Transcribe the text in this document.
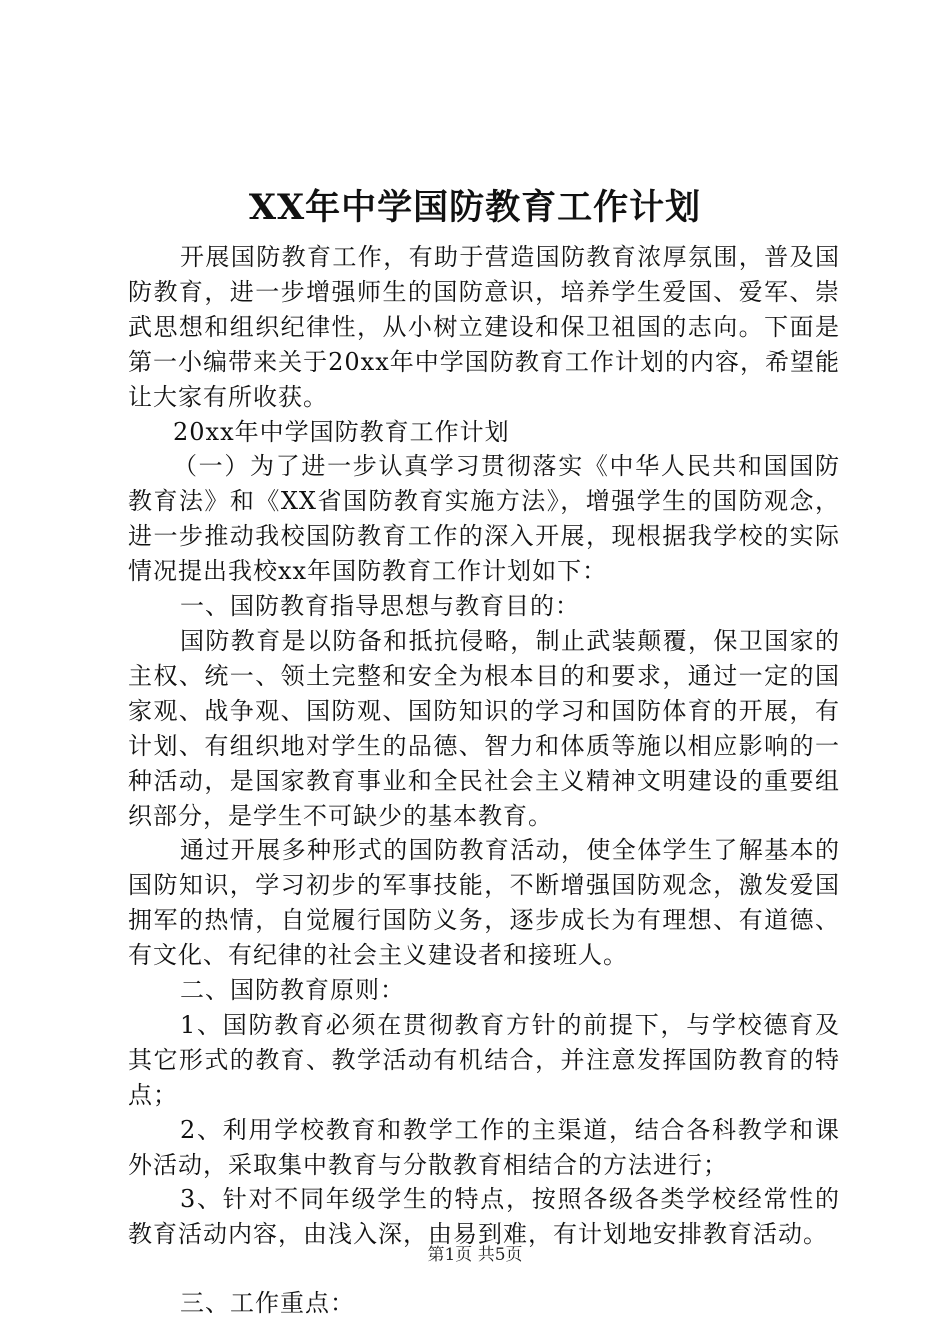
XX年中学国防教育工作计划

开展国防教育工作，有助于营造国防教育浓厚氛围，普及国防教育，进一步增强师生的国防意识，培养学生爱国、爱军、崇武思想和组织纪律性，从小树立建设和保卫祖国的志向。下面是第一小编带来关于20xx年中学国防教育工作计划的内容，希望能让大家有所收获。

20xx年中学国防教育工作计划

（一）为了进一步认真学习贯彻落实《中华人民共和国国防教育法》和《XX省国防教育实施方法》，增强学生的国防观念，进一步推动我校国防教育工作的深入开展，现根据我学校的实际情况提出我校xx年国防教育工作计划如下：

一、国防教育指导思想与教育目的：

国防教育是以防备和抵抗侵略，制止武装颠覆，保卫国家的主权、统一、领土完整和安全为根本目的和要求，通过一定的国家观、战争观、国防观、国防知识的学习和国防体育的开展，有计划、有组织地对学生的品德、智力和体质等施以相应影响的一种活动，是国家教育事业和全民社会主义精神文明建设的重要组织部分，是学生不可缺少的基本教育。

通过开展多种形式的国防教育活动，使全体学生了解基本的国防知识，学习初步的军事技能，不断增强国防观念，激发爱国拥军的热情，自觉履行国防义务，逐步成长为有理想、有道德、有文化、有纪律的社会主义建设者和接班人。

二、国防教育原则：

1、国防教育必须在贯彻教育方针的前提下，与学校德育及其它形式的教育、教学活动有机结合，并注意发挥国防教育的特点；

2、利用学校教育和教学工作的主渠道，结合各科教学和课外活动，采取集中教育与分散教育相结合的方法进行；

3、针对不同年级学生的特点，按照各级各类学校经常性的教育活动内容，由浅入深，由易到难，有计划地安排教育活动。

三、工作重点：

第1页 共5页
